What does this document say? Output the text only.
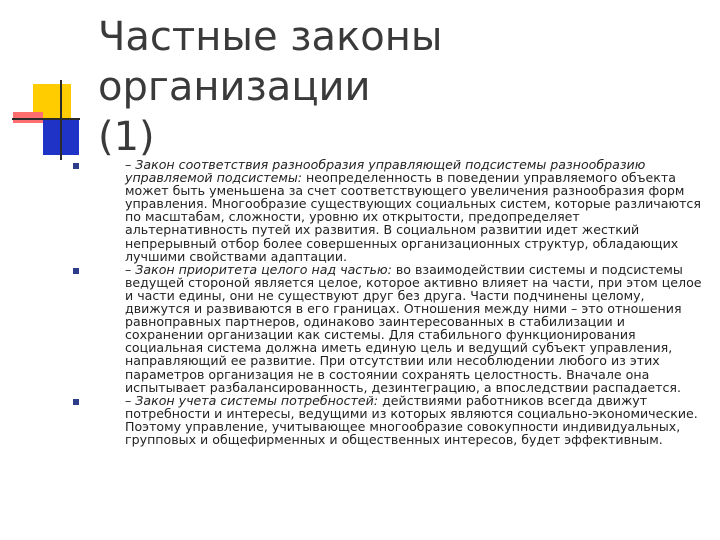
Частные законы организации
(1)
– Закон соответствия разнообразия управляющей подсистемы разнообразию управляемой подсистемы: неопределенность в поведении управляемого объекта может быть уменьшена за счет соответствующего увеличения разнообразия форм управления. Многообразие существующих социальных систем, которые различаются по масштабам, сложности, уровню их открытости, предопределяет альтернативность путей их развития. В социальном развитии идет жесткий непрерывный отбор более совершенных организационных структур, обладающих лучшими свойствами адаптации.
– Закон приоритета целого над частью: во взаимодействии системы и подсистемы ведущей стороной является целое, которое активно влияет на части, при этом целое и части едины, они не существуют друг без друга. Части подчинены целому, движутся и развиваются в его границах. Отношения между ними – это отношения равноправных партнеров, одинаково заинтересованных в стабилизации и сохранении организации как системы. Для стабильного функционирования социальная система должна иметь единую цель и ведущий субъект управления, направляющий ее развитие. При отсутствии или несоблюдении любого из этих параметров организация не в состоянии сохранять целостность. Вначале она испытывает разбалансированность, дезинтеграцию, а впоследствии распадается.
– Закон учета системы потребностей: действиями работников всегда движут потребности и интересы, ведущими из которых являются социально-экономические. Поэтому управление, учитывающее многообразие совокупности индивидуальных, групповых и общефирменных и общественных интересов, будет эффективным.
